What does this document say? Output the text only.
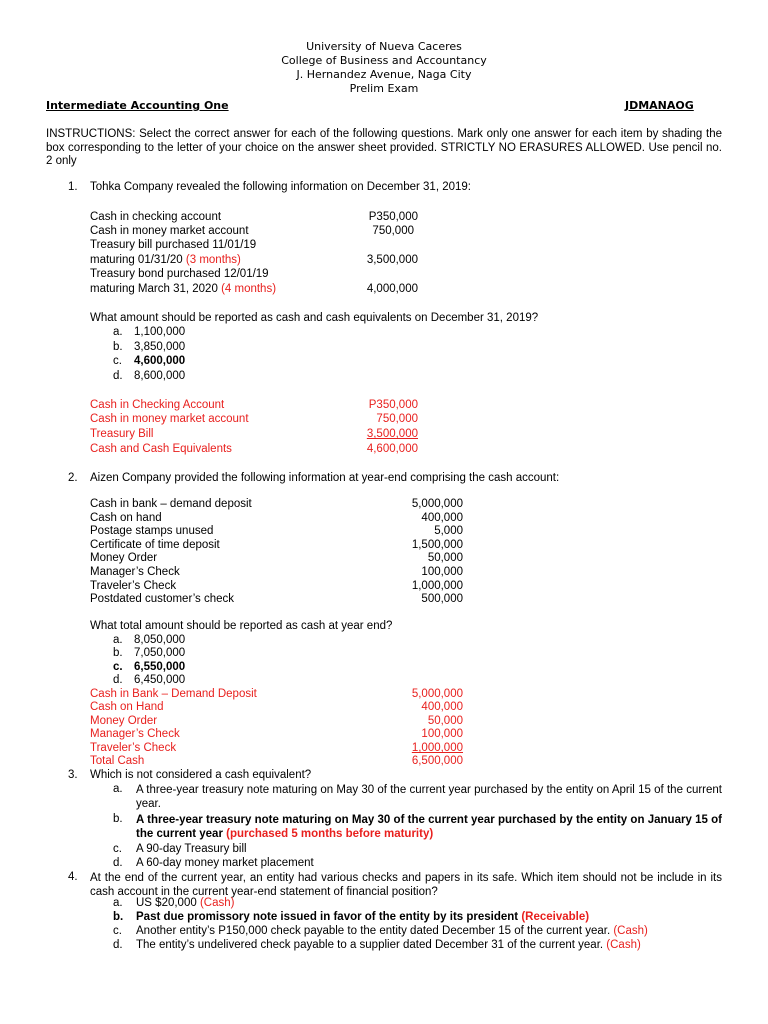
University of Nueva Caceres
College of Business and Accountancy
J. Hernandez Avenue, Naga City
Prelim Exam
Intermediate Accounting One	JDMANAOG
INSTRUCTIONS: Select the correct answer for each of the following questions. Mark only one answer for each item by shading the box corresponding to the letter of your choice on the answer sheet provided. STRICTLY NO ERASURES ALLOWED. Use pencil no. 2 only
1. Tohka Company revealed the following information on December 31, 2019:
Cash in checking account	P350,000
Cash in money market account	750,000
Treasury bill purchased 11/01/19
maturing 01/31/20 (3 months)	3,500,000
Treasury bond purchased 12/01/19
maturing March 31, 2020 (4 months)	4,000,000
What amount should be reported as cash and cash equivalents on December 31, 2019?
a. 1,100,000
b. 3,850,000
c. 4,600,000
d. 8,600,000
Cash in Checking Account	P350,000
Cash in money market account	750,000
Treasury Bill	3,500,000
Cash and Cash Equivalents	4,600,000
2. Aizen Company provided the following information at year-end comprising the cash account:
Cash in bank – demand deposit	5,000,000
Cash on hand	400,000
Postage stamps unused	5,000
Certificate of time deposit	1,500,000
Money Order	50,000
Manager’s Check	100,000
Traveler’s Check	1,000,000
Postdated customer’s check	500,000
What total amount should be reported as cash at year end?
a. 8,050,000
b. 7,050,000
c. 6,550,000
d. 6,450,000
Cash in Bank – Demand Deposit	5,000,000
Cash on Hand	400,000
Money Order	50,000
Manager’s Check	100,000
Traveler’s Check	1,000,000
Total Cash	6,500,000
3. Which is not considered a cash equivalent?
a. A three-year treasury note maturing on May 30 of the current year purchased by the entity on April 15 of the current year.
b. A three-year treasury note maturing on May 30 of the current year purchased by the entity on January 15 of the current year (purchased 5 months before maturity)
c. A 90-day Treasury bill
d. A 60-day money market placement
4. At the end of the current year, an entity had various checks and papers in its safe. Which item should not be include in its cash account in the current year-end statement of financial position?
a. US $20,000 (Cash)
b. Past due promissory note issued in favor of the entity by its president (Receivable)
c. Another entity’s P150,000 check payable to the entity dated December 15 of the current year. (Cash)
d. The entity’s undelivered check payable to a supplier dated December 31 of the current year. (Cash)
